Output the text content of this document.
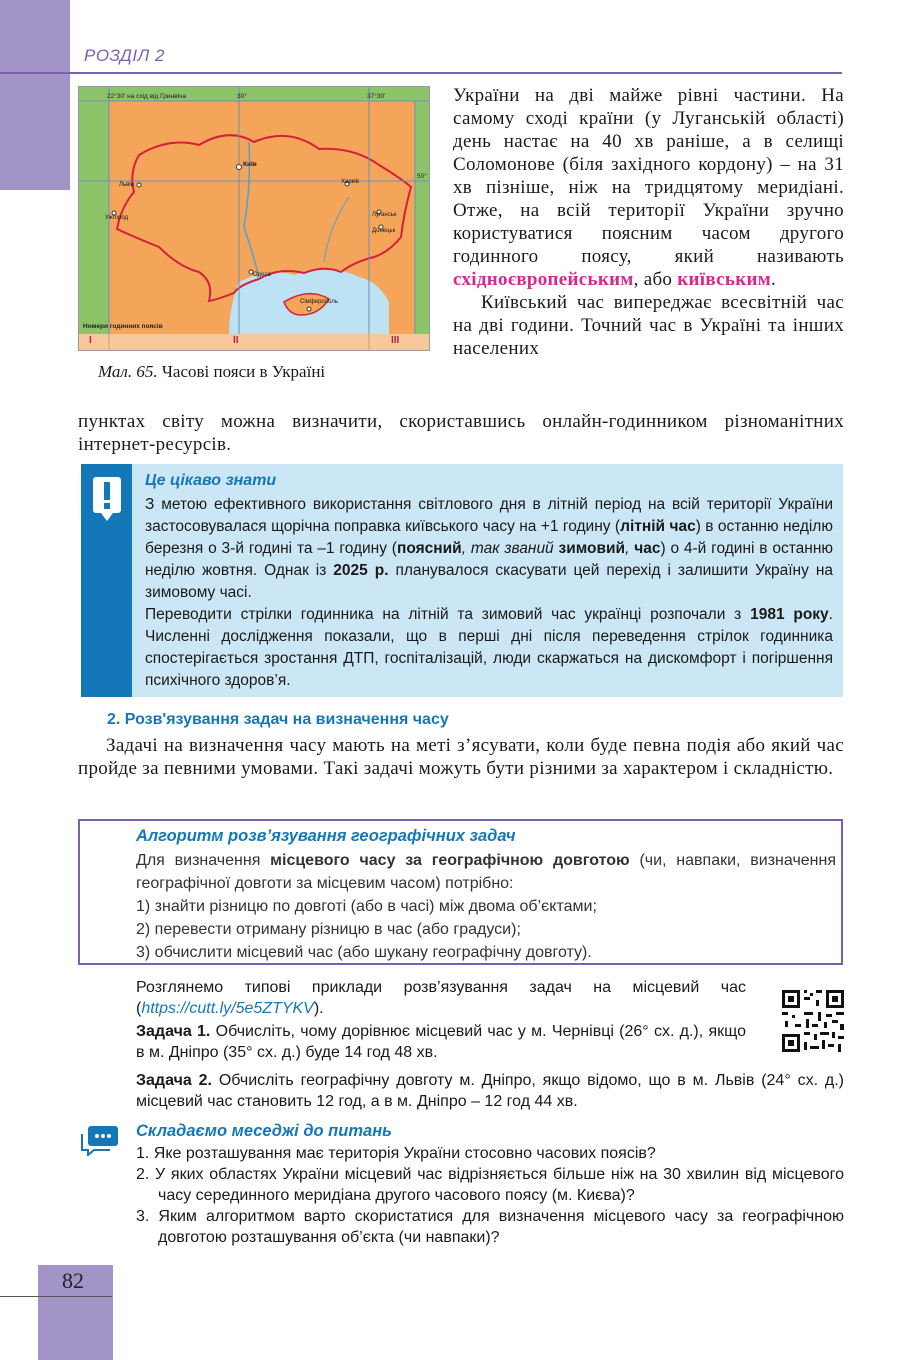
РОЗДІЛ 2
22°30' на схід від Гринвіча	30°	37°30'
50°
Київ
Львів
Ужгород
Харків
Луганськ
Донецьк
Одеса
Сімферополь
Номери годинних поясів
I	II	III
Мал. 65. Часові пояси в Україні
України на дві майже рівні частини. На самому сході країни (у Луганській області) день настає на 40 хв раніше, а в селищі Соломонове (біля західного кордону) – на 31 хв пізніше, ніж на тридцятому меридіані. Отже, на всій території України зручно користуватися поясним часом другого годинного поясу, який називають східноєвропейським, або київським.
Київський час випереджає всесвітній час на дві години. Точний час в Україні та інших населених
пунктах світу можна визначити, скориставшись онлайн-годинником різноманітних інтернет-ресурсів.
Це цікаво знати
З метою ефективного використання світлового дня в літній період на всій території України застосовувалася щорічна поправка київського часу на +1 годину (літній час) в останню неділю березня о 3-й годині та –1 годину (поясний, так званий зимовий, час) о 4-й годині в останню неділю жовтня. Однак із 2025 р. планувалося скасувати цей перехід і залишити Україну на зимовому часі.
Переводити стрілки годинника на літній та зимовий час українці розпочали з 1981 року. Численні дослідження показали, що в перші дні після переведення стрілок годинника спостерігається зростання ДТП, госпіталізацій, люди скаржаться на дискомфорт і погіршення психічного здоров’я.
2. Розв'язування задач на визначення часу
Задачі на визначення часу мають на меті з’ясувати, коли буде певна подія або який час пройде за певними умовами. Такі задачі можуть бути різними за характером і складністю.
Алгоритм розв’язування географічних задач
Для визначення місцевого часу за географічною довготою (чи, навпаки, визначення географічної довготи за місцевим часом) потрібно:
1) знайти різницю по довготі (або в часі) між двома об’єктами;
2) перевести отриману різницю в час (або градуси);
3) обчислити місцевий час (або шукану географічну довготу).
Розглянемо типові приклади розв’язування задач на місцевий час (https://cutt.ly/5e5ZTYKV).
Задача 1. Обчисліть, чому дорівнює місцевий час у м. Чернівці (26° сх. д.), якщо в м. Дніпро (35° сх. д.) буде 14 год 48 хв.
Задача 2. Обчисліть географічну довготу м. Дніпро, якщо відомо, що в м. Львів (24° сх. д.) місцевий час становить 12 год, а в м. Дніпро – 12 год 44 хв.
Складаємо меседжі до питань
1. Яке розташування має територія України стосовно часових поясів?
2. У яких областях України місцевий час відрізняється більше ніж на 30 хвилин від місцевого часу серединного меридіана другого часового поясу (м. Києва)?
3. Яким алгоритмом варто скористатися для визначення місцевого часу за географічною довготою розташування об’єкта (чи навпаки)?
82
